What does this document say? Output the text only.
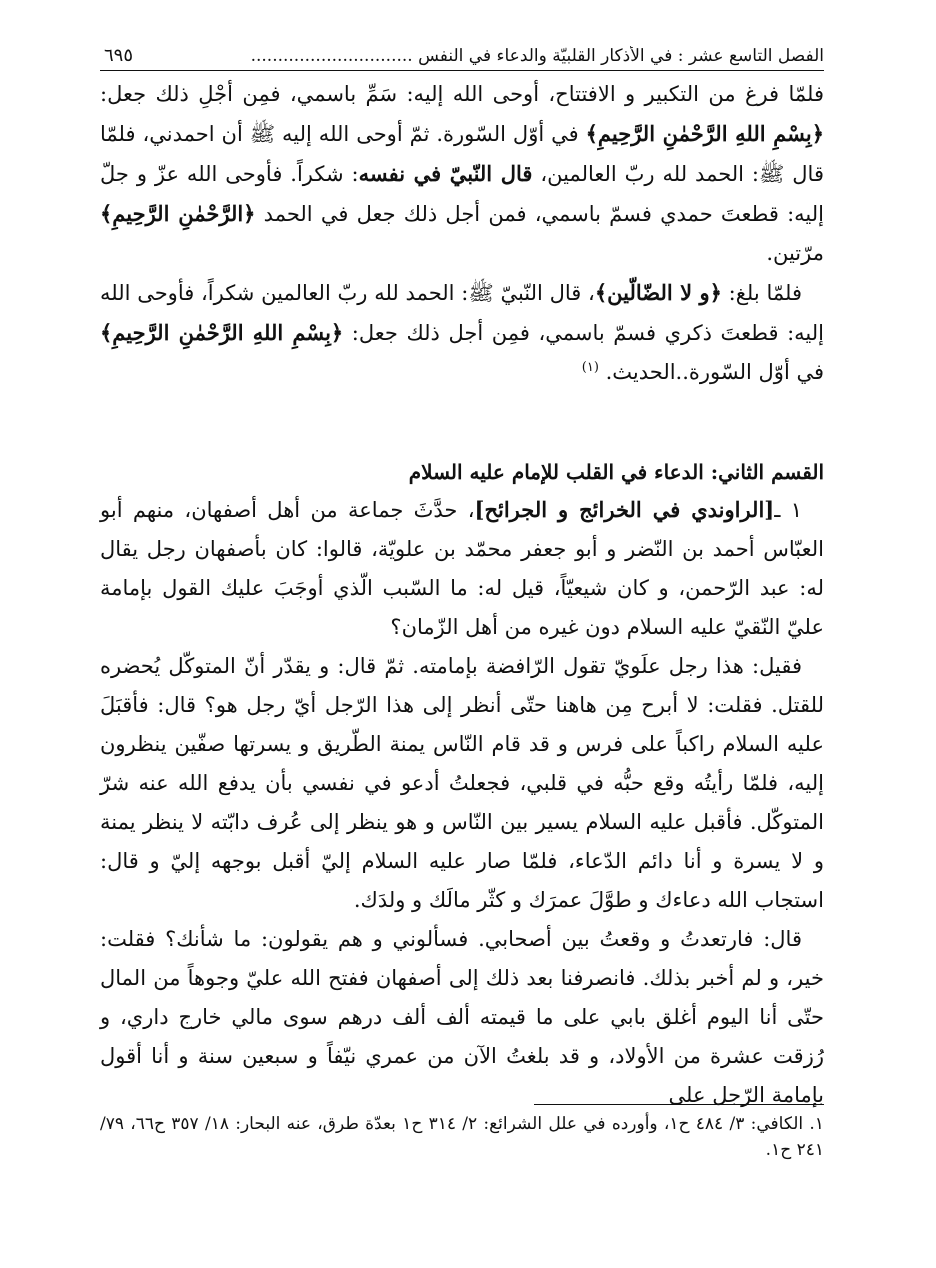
الفصل التاسع عشر : في الأذكار القلبيّة والدعاء في النفس ..............................
٦٩٥

فلمّا فرغ من التكبير و الافتتاح، أوحى الله إليه: سَمِّ باسمي، فمِن أجْلِ ذلك جعل: ﴿بِسْمِ اللهِ الرَّحْمٰنِ الرَّحِيمِ﴾ في أوّل السّورة. ثمّ أوحى الله إليه ﷺ أن احمدني، فلمّا قال ﷺ: الحمد لله ربّ العالمين، قال النّبيّ في نفسه: شكراً. فأوحى الله عزّ و جلّ إليه: قطعتَ حمدي فسمّ باسمي، فمن أجل ذلك جعل في الحمد ﴿الرَّحْمٰنِ الرَّحِيمِ﴾ مرّتين.

فلمّا بلغ: ﴿و لا الضّالّين﴾، قال النّبيّ ﷺ: الحمد لله ربّ العالمين شكراً، فأوحى الله إليه: قطعتَ ذكري فسمّ باسمي، فمِن أجل ذلك جعل: ﴿بِسْمِ اللهِ الرَّحْمٰنِ الرَّحِيمِ﴾ في أوّل السّورة..الحديث. $^{(١)}$

القسم الثاني: الدعاء في القلب للإمام عليه السلام

١ ـ[الراوندي في الخرائج و الجرائح]، حدَّثَ جماعة من أهل أصفهان، منهم أبو العبّاس أحمد بن النّضر و أبو جعفر محمّد بن علويّة، قالوا: كان بأصفهان رجل يقال له: عبد الرّحمن، و كان شيعيّاً، قيل له: ما السّبب الّذي أوجَبَ عليك القول بإمامة عليّ النّقيّ عليه السلام دون غيره من أهل الزّمان؟

فقيل: هذا رجل علَويّ تقول الرّافضة بإمامته. ثمّ قال: و يقدّر أنّ المتوكّل يُحضره للقتل. فقلت: لا أبرح مِن هاهنا حتّى أنظر إلى هذا الرّجل أيّ رجل هو؟ قال: فأقبَلَ عليه السلام راكباً على فرس و قد قام النّاس يمنة الطّريق و يسرتها صفّين ينظرون إليه، فلمّا رأيتُه وقع حبُّه في قلبي، فجعلتُ أدعو في نفسي بأن يدفع الله عنه شرّ المتوكّل. فأقبل عليه السلام يسير بين النّاس و هو ينظر إلى عُرف دابّته لا ينظر يمنة و لا يسرة و أنا دائم الدّعاء، فلمّا صار عليه السلام إليّ أقبل بوجهه إليّ و قال: استجاب الله دعاءك و طوَّلَ عمرَك و كثّر مالَك و ولدَك.

قال: فارتعدتُ و وقعتُ بين أصحابي. فسألوني و هم يقولون: ما شأنك؟ فقلت: خير، و لم أخبر بذلك. فانصرفنا بعد ذلك إلى أصفهان ففتح الله عليّ وجوهاً من المال حتّى أنا اليوم أغلق بابي على ما قيمته ألف ألف درهم سوى مالي خارج داري، و رُزقت عشرة من الأولاد، و قد بلغتُ الآن من عمري نيّفاً و سبعين سنة و أنا أقول بإمامة الرّجل على

١. الكافي: ٣/ ٤٨٤ ح١، وأورده في علل الشرائع: ٢/ ٣١٤ ح١ بعدّة طرق، عنه البحار: ١٨/ ٣٥٧ ح٦٦، ٧٩/ ٢٤١ ح١.
